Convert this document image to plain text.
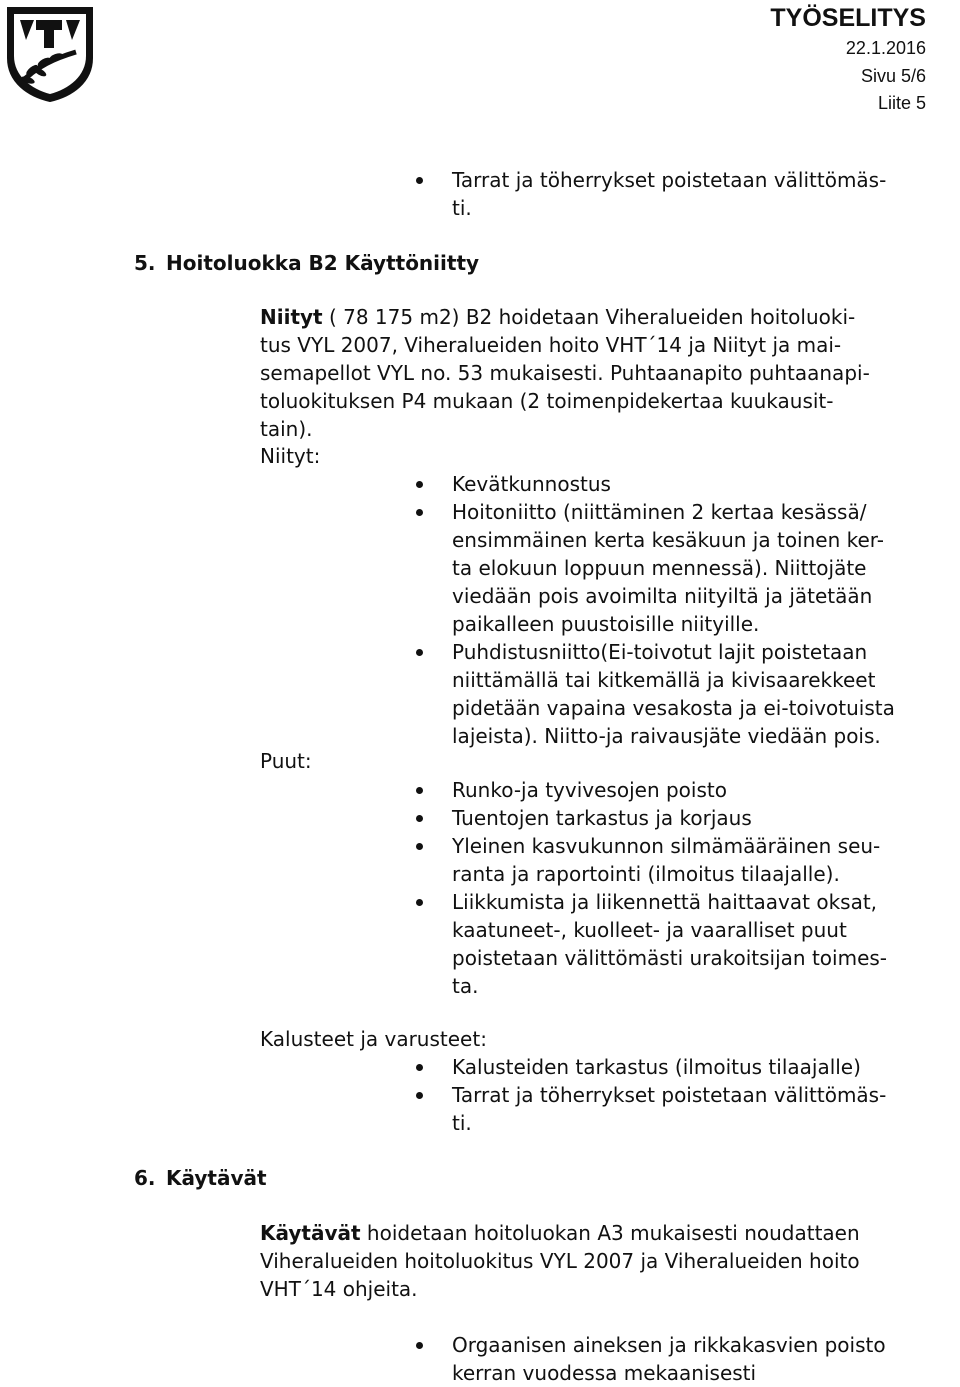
TYÖSELITYS
22.1.2016
Sivu 5/6
Liite 5
Tarrat ja töherrykset poistetaan välittömäs-
ti.
5. Hoitoluokka B2 Käyttöniitty
Niityt ( 78 175 m2) B2 hoidetaan Viheralueiden hoitoluoki-
tus VYL 2007, Viheralueiden hoito VHT´14 ja Niityt ja mai-
semapellot VYL no. 53 mukaisesti. Puhtaanapito puhtaanapi-
toluokituksen P4 mukaan (2 toimenpidekertaa kuukausit-
tain).
Niityt:
Kevätkunnostus
Hoitoniitto (niittäminen 2 kertaa kesässä/
ensimmäinen kerta kesäkuun ja toinen ker-
ta elokuun loppuun mennessä). Niittojäte
viedään pois avoimilta niityiltä ja jätetään
paikalleen puustoisille niityille.
Puhdistusniitto(Ei-toivotut lajit poistetaan
niittämällä tai kitkemällä ja kivisaarekkeet
pidetään vapaina vesakosta ja ei-toivotuista
lajeista). Niitto-ja raivausjäte viedään pois.
Puut:
Runko-ja tyvivesojen poisto
Tuentojen tarkastus ja korjaus
Yleinen kasvukunnon silmämääräinen seu-
ranta ja raportointi (ilmoitus tilaajalle).
Liikkumista ja liikennettä haittaavat oksat,
kaatuneet-, kuolleet- ja vaaralliset puut
poistetaan välittömästi urakoitsijan toimes-
ta.
Kalusteet ja varusteet:
Kalusteiden tarkastus (ilmoitus tilaajalle)
Tarrat ja töherrykset poistetaan välittömäs-
ti.
6. Käytävät
Käytävät hoidetaan hoitoluokan A3 mukaisesti noudattaen
Viheralueiden hoitoluokitus VYL 2007 ja Viheralueiden hoito
VHT´14 ohjeita.
Orgaanisen aineksen ja rikkakasvien poisto
kerran vuodessa mekaanisesti
